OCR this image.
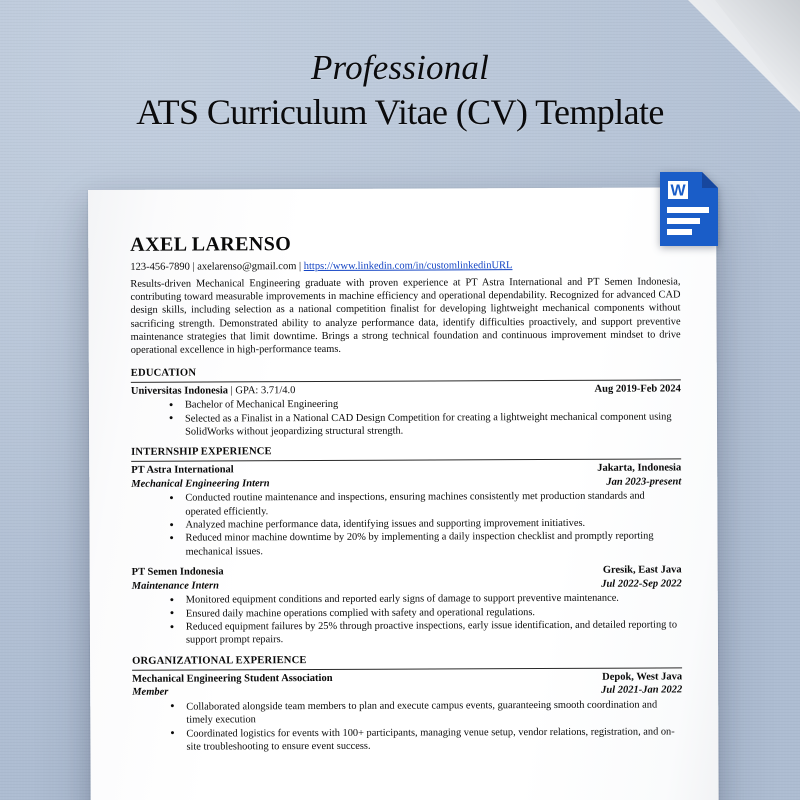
Professional
ATS Curriculum Vitae (CV) Template
AXEL LARENSO
123-456-7890 | axelarenso@gmail.com | https://www.linkedin.com/in/customlinkedinURL

Results-driven Mechanical Engineering graduate with proven experience at PT Astra International and PT Semen Indonesia, contributing toward measurable improvements in machine efficiency and operational dependability. Recognized for advanced CAD design skills, including selection as a national competition finalist for developing lightweight mechanical components without sacrificing strength. Demonstrated ability to analyze performance data, identify difficulties proactively, and support preventive maintenance strategies that limit downtime. Brings a strong technical foundation and continuous improvement mindset to drive operational excellence in high-performance teams.

EDUCATION
Universitas Indonesia | GPA: 3.71/4.0	Aug 2019-Feb 2024
● Bachelor of Mechanical Engineering
● Selected as a Finalist in a National CAD Design Competition for creating a lightweight mechanical component using SolidWorks without jeopardizing structural strength.
INTERNSHIP EXPERIENCE
PT Astra International	Jakarta, Indonesia
Mechanical Engineering Intern	Jan 2023-present
● Conducted routine maintenance and inspections, ensuring machines consistently met production standards and operated efficiently.
● Analyzed machine performance data, identifying issues and supporting improvement initiatives.
● Reduced minor machine downtime by 20% by implementing a daily inspection checklist and promptly reporting mechanical issues.
PT Semen Indonesia	Gresik, East Java
Maintenance Intern	Jul 2022-Sep 2022
● Monitored equipment conditions and reported early signs of damage to support preventive maintenance.
● Ensured daily machine operations complied with safety and operational regulations.
● Reduced equipment failures by 25% through proactive inspections, early issue identification, and detailed reporting to support prompt repairs.
ORGANIZATIONAL EXPERIENCE
Mechanical Engineering Student Association	Depok, West Java
Member	Jul 2021-Jan 2022
● Collaborated alongside team members to plan and execute campus events, guaranteeing smooth coordination and timely execution
● Coordinated logistics for events with 100+ participants, managing venue setup, vendor relations, registration, and on-site troubleshooting to ensure event success.
W
